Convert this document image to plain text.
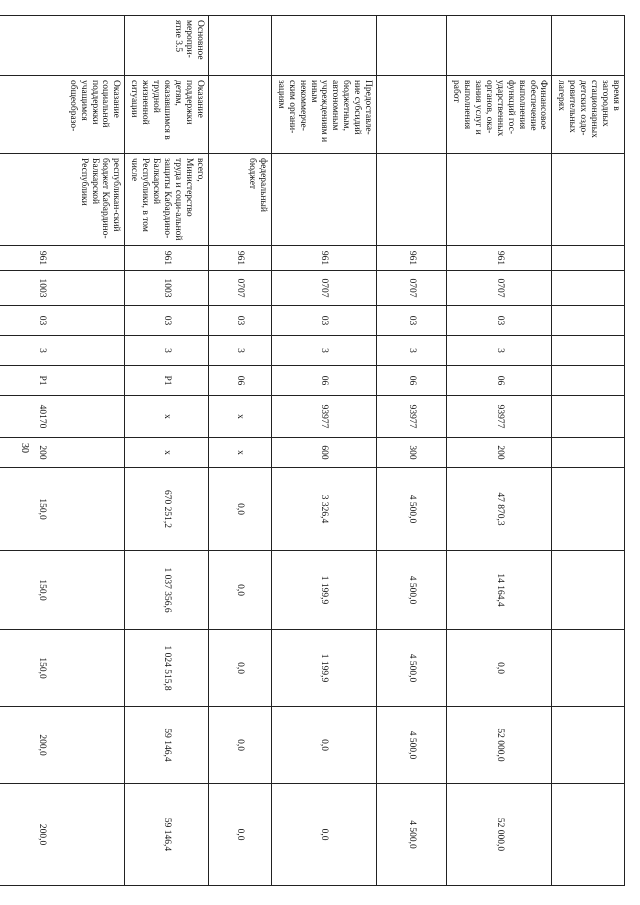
30
	время в загородных стационарных детских оздо-ровительных лагерях													
	Финансовое обеспечение выполнения функций гос-ударственных органов, ока-зания услуг и выполнения работ		961	0707	03	3	06	93977	200	47 870,3	14 164,4	0,0	52 000,0	52 000,0
			961	0707	03	3	06	93977	300	4 500,0	4 500,0	4 500,0	4 500,0	4 500,0
	Предоставле-ние субсидий бюджетным, автономным учреждениям и иным некоммерче-ским органи-зациям		961	0707	03	3	06	93977	600	3 326,4	1 199,9	1 199,9	0,0	0,0
		федеральный бюджет	961	0707	03	3	06	x	x	0,0	0,0	0,0	0,0	0,0
Основное меропри-ятие 3.5	Оказание поддержки детям, оказавшимся в трудной жизненной ситуации	всего, Министерство труда и соци-альной защиты Кабардино-Балкарской Республики, в том числе	961	1003	03	3	P1	x	x	670 251,2	1 037 356,6	1 024 515,8	59 146,4	59 146,4
	Оказание социальной поддержки учащимся общеобразо-	республикан-ский бюджет Кабардино-Балкарской Республики	961	1003	03	3	P1	40170	200	150,0	150,0	150,0	200,0	200,0
